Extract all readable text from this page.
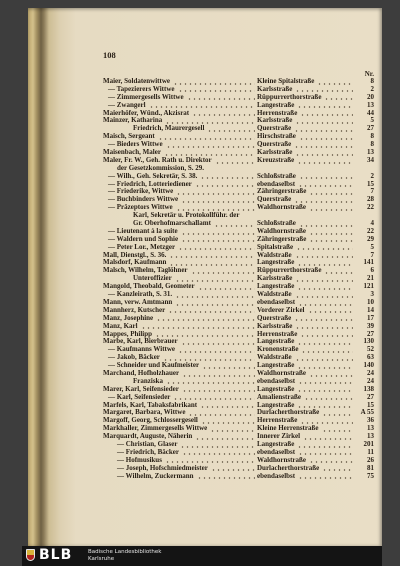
108
Nr.
Maier, Soldatenwittwe	Kleine Spitalstraße	8
— Tapezierers Wittwe	Karlsstraße	2
— Zimmergesells Wittwe	Rüppurrerthorstraße	20
— Zwangerl	Langestraße	13
Maierhöfer, Wünd., Akzisrat	Herrenstraße	44
Mainzer, Katharina	Karlsstraße	5
Friedrich, Maurergesell	Querstraße	27
Maisch, Sergeant	Hirschstraße	8
— Bieders Wittwe	Querstraße	8
Maisenbach, Maler	Karlsstraße	13
Maler, Fr. W., Geh. Rath u. Direktor	Kreuzstraße	34
der Gesetzkommission, S. 29.
— Wilh., Geh. Sekretär, S. 38.	Schloßstraße	2
— Friedrich, Lotteriediener	ebendaselbst	15
— Friederike, Wittwe	Zähringerstraße	7
— Buchbinders Wittwe	Querstraße	28
— Präzeptors Wittwe	Waldhornstraße	22
Karl, Sekretär u. Protokollführ. der
Gr. Oberhofmarschallamt	Schloßstraße	4
— Lieutenant à la suite	Waldhornstraße	22
— Waldern und Sophie	Zähringerstraße	29
— Peter Lor., Metzger	Spitalstraße	5
Mall, Dienstgl., S. 36.	Waldstraße	7
Malsdorf, Kaufmann	Langestraße	141
Malsch, Wilhelm, Taglöhner	Rüppurrerthorstraße	6
Unteroffizier	Karlsstraße	21
Mangold, Theobald, Geometer	Langestraße	121
— Kanzleirath, S. 31.	Waldstraße	3
Mann, verw. Amtmann	ebendaselbst	10
Mannherz, Kutscher	Vorderer Zirkel	14
Manz, Josephine	Querstraße	17
Manz, Karl	Karlsstraße	39
Mappes, Philipp	Herrenstraße	27
Marbe, Karl, Bierbrauer	Langestraße	130
— Kaufmanns Wittwe	Kronenstraße	52
— Jakob, Bäcker	Waldstraße	63
— Schneider und Kaufmeister	Langestraße	140
Marchand, Hofholzhauer	Waldhornstraße	24
Franziska	ebendaselbst	24
Marer, Karl, Seifensieder	Langestraße	138
— Karl, Seifensieder	Amalienstraße	27
Marfels, Karl, Tabaksfabrikant	Langestraße	15
Margaret, Barbara, Wittwe	Durlacherthorstraße	A 55
Margoff, Georg, Schlossergesell	Herrenstraße	36
Markhaller, Zimmergesells Wittwe	Kleine Herrenstraße	13
Marquardt, Auguste, Näherin	Innerer Zirkel	13
— Christian, Glaser	Langestraße	201
— Friedrich, Bäcker	ebendaselbst	11
— Hofmusikus	Waldhornstraße	26
— Joseph, Hofschmiedmeister	Durlacherthorstraße	81
— Wilhelm, Zuckermann	ebendaselbst	75
BLB	Badische Landesbibliothek
Karlsruhe
